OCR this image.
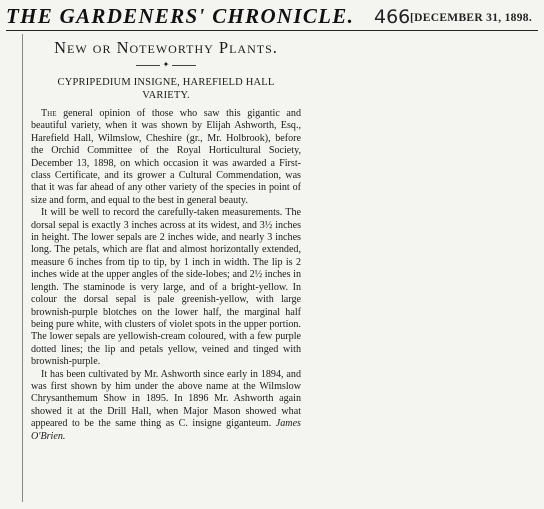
THE GARDENERS' CHRONICLE. 466 [DECEMBER 31, 1898.
New or Noteworthy Plants.
✦
CYPRIPEDIUM INSIGNE, HAREFIELD HALL
VARIETY.

The general opinion of those who saw this gigantic and beautiful variety, when it was shown by Elijah Ashworth, Esq., Harefield Hall, Wilmslow, Cheshire (gr., Mr. Holbrook), before the Orchid Committee of the Royal Horticultural Society, December 13, 1898, on which occasion it was awarded a First-class Certificate, and its grower a Cultural Commendation, was that it was far ahead of any other variety of the species in point of size and form, and equal to the best in general beauty.

It will be well to record the carefully-taken measurements. The dorsal sepal is exactly 3 inches across at its widest, and 3½ inches in height. The lower sepals are 2 inches wide, and nearly 3 inches long. The petals, which are flat and almost horizontally extended, measure 6 inches from tip to tip, by 1 inch in width. The lip is 2 inches wide at the upper angles of the side-lobes; and 2½ inches in length. The staminode is very large, and of a bright-yellow. In colour the dorsal sepal is pale greenish-yellow, with large brownish-purple blotches on the lower half, the marginal half being pure white, with clusters of violet spots in the upper portion. The lower sepals are yellowish-cream coloured, with a few purple dotted lines; the lip and petals yellow, veined and tinged with brownish-purple.

It has been cultivated by Mr. Ashworth since early in 1894, and was first shown by him under the above name at the Wilmslow Chrysanthemum Show in 1895. In 1896 Mr. Ashworth again showed it at the Drill Hall, when Major Mason showed what appeared to be the same thing as C. insigne giganteum. James O'Brien.
